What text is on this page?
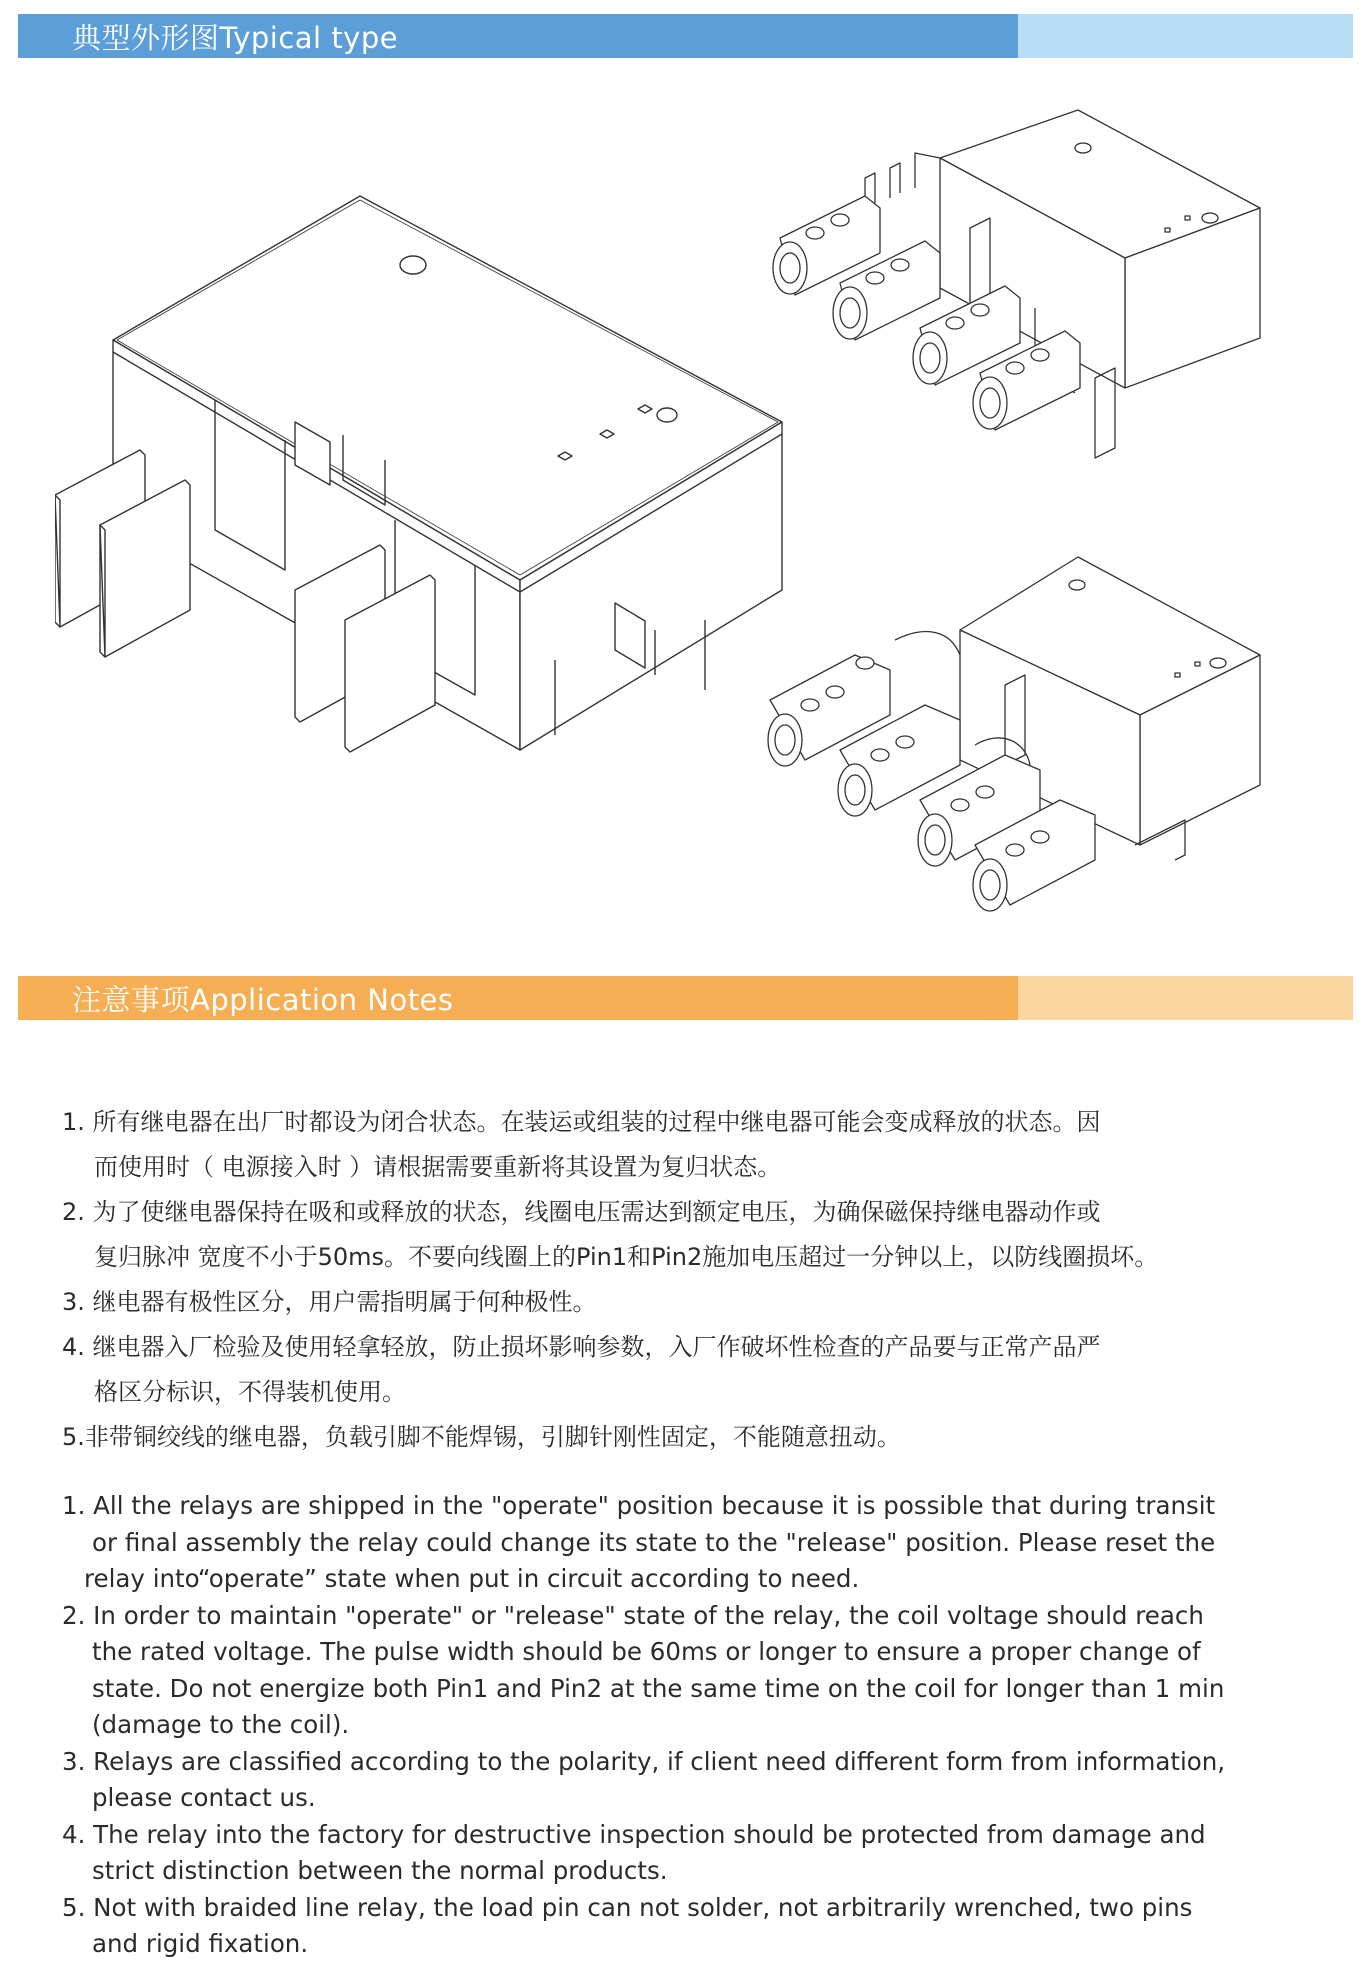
典型外形图Typical type
注意事项Application Notes
1. 所有继电器在出厂时都设为闭合状态。在装运或组装的过程中继电器可能会变成释放的状态。因
而使用时（ 电源接入时 ）请根据需要重新将其设置为复归状态。
2. 为了使继电器保持在吸和或释放的状态，线圈电压需达到额定电压，为确保磁保持继电器动作或
复归脉冲 宽度不小于50ms。不要向线圈上的Pin1和Pin2施加电压超过一分钟以上，以防线圈损坏。
3. 继电器有极性区分，用户需指明属于何种极性。
4. 继电器入厂检验及使用轻拿轻放，防止损坏影响参数，入厂作破坏性检查的产品要与正常产品严
格区分标识，不得装机使用。
5.非带铜绞线的继电器，负载引脚不能焊锡，引脚针刚性固定，不能随意扭动。
1. All the relays are shipped in the "operate" position because it is possible that during transit
or final assembly the relay could change its state to the "release" position. Please reset the
relay into“operate” state when put in circuit according to need.
2. In order to maintain "operate" or "release" state of the relay, the coil voltage should reach
the rated voltage. The pulse width should be 60ms or longer to ensure a proper change of
state. Do not energize both Pin1 and Pin2 at the same time on the coil for longer than 1 min
(damage to the coil).
3. Relays are classified according to the polarity, if client need different form from information,
please contact us.
4. The relay into the factory for destructive inspection should be protected from damage and
strict distinction between the normal products.
5. Not with braided line relay, the load pin can not solder, not arbitrarily wrenched, two pins
and rigid fixation.
